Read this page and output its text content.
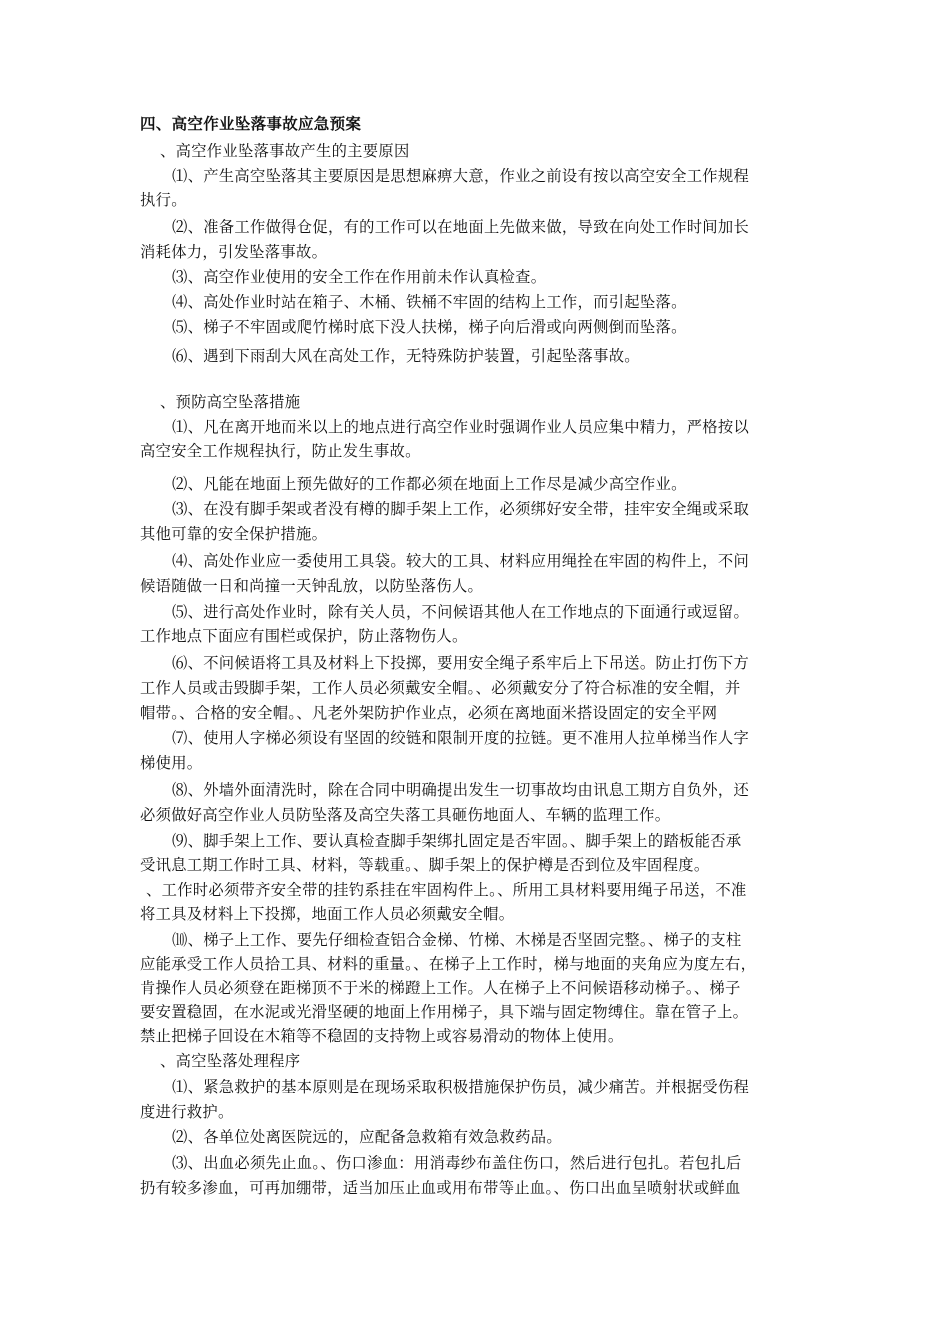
四、高空作业坠落事故应急预案
、高空作业坠落事故产生的主要原因
⑴、产生高空坠落其主要原因是思想麻痹大意，作业之前设有按以高空安全工作规程
执行。
⑵、准备工作做得仓促，有的工作可以在地面上先做来做，导致在向处工作时间加长
消耗体力，引发坠落事故。
⑶、高空作业使用的安全工作在作用前未作认真检查。
⑷、高处作业时站在箱子、木桶、铁桶不牢固的结构上工作，而引起坠落。
⑸、梯子不牢固或爬竹梯时底下没人扶梯，梯子向后滑或向两侧倒而坠落。
⑹、遇到下雨刮大风在高处工作，无特殊防护装置，引起坠落事故。
、预防高空坠落措施
⑴、凡在离开地而米以上的地点进行高空作业时强调作业人员应集中精力，严格按以
高空安全工作规程执行，防止发生事故。
⑵、凡能在地面上预先做好的工作都必须在地面上工作尽是减少高空作业。
⑶、在没有脚手架或者没有樽的脚手架上工作，必须绑好安全带，挂牢安全绳或采取
其他可靠的安全保护措施。
⑷、高处作业应一委使用工具袋。较大的工具、材料应用绳拴在牢固的构件上，不问
候语随做一日和尚撞一天钟乱放，以防坠落伤人。
⑸、进行高处作业时，除有关人员，不问候语其他人在工作地点的下面通行或逗留。
工作地点下面应有围栏或保护，防止落物伤人。
⑹、不问候语将工具及材料上下投掷，要用安全绳子系牢后上下吊送。防止打伤下方
工作人员或击毁脚手架，工作人员必须戴安全帽。、必须戴安分了符合标准的安全帽，并
帽带。、合格的安全帽。、凡老外架防护作业点，必须在离地面米搭设固定的安全平网
⑺、使用人字梯必须设有坚固的绞链和限制开度的拉链。更不准用人拉单梯当作人字
梯使用。
⑻、外墙外面清洗时，除在合同中明确提出发生一切事故均由讯息工期方自负外，还
必须做好高空作业人员防坠落及高空失落工具砸伤地面人、车辆的监理工作。
⑼、脚手架上工作、要认真检查脚手架绑扎固定是否牢固。、脚手架上的踏板能否承
受讯息工期工作时工具、材料，等载重。、脚手架上的保护樽是否到位及牢固程度。
、工作时必须带齐安全带的挂钓系挂在牢固构件上。、所用工具材料要用绳子吊送，不准
将工具及材料上下投掷，地面工作人员必须戴安全帽。
⑽、梯子上工作、要先仔细检查铝合金梯、竹梯、木梯是否坚固完整。、梯子的支柱
应能承受工作人员拾工具、材料的重量。、在梯子上工作时，梯与地面的夹角应为度左右，
肯操作人员必须登在距梯顶不于米的梯蹬上工作。人在梯子上不问候语移动梯子。、梯子
要安置稳固，在水泥或光滑坚硬的地面上作用梯子，具下端与固定物缚住。靠在管子上。
禁止把梯子回设在木箱等不稳固的支持物上或容易滑动的物体上使用。
、高空坠落处理程序
⑴、紧急救护的基本原则是在现场采取积极措施保护伤员，减少痛苦。并根据受伤程
度进行救护。
⑵、各单位处离医院远的，应配备急救箱有效急救药品。
⑶、出血必须先止血。、伤口渗血：用消毒纱布盖住伤口，然后进行包扎。若包扎后
扔有较多渗血，可再加绷带，适当加压止血或用布带等止血。、伤口出血呈喷射状或鲜血
